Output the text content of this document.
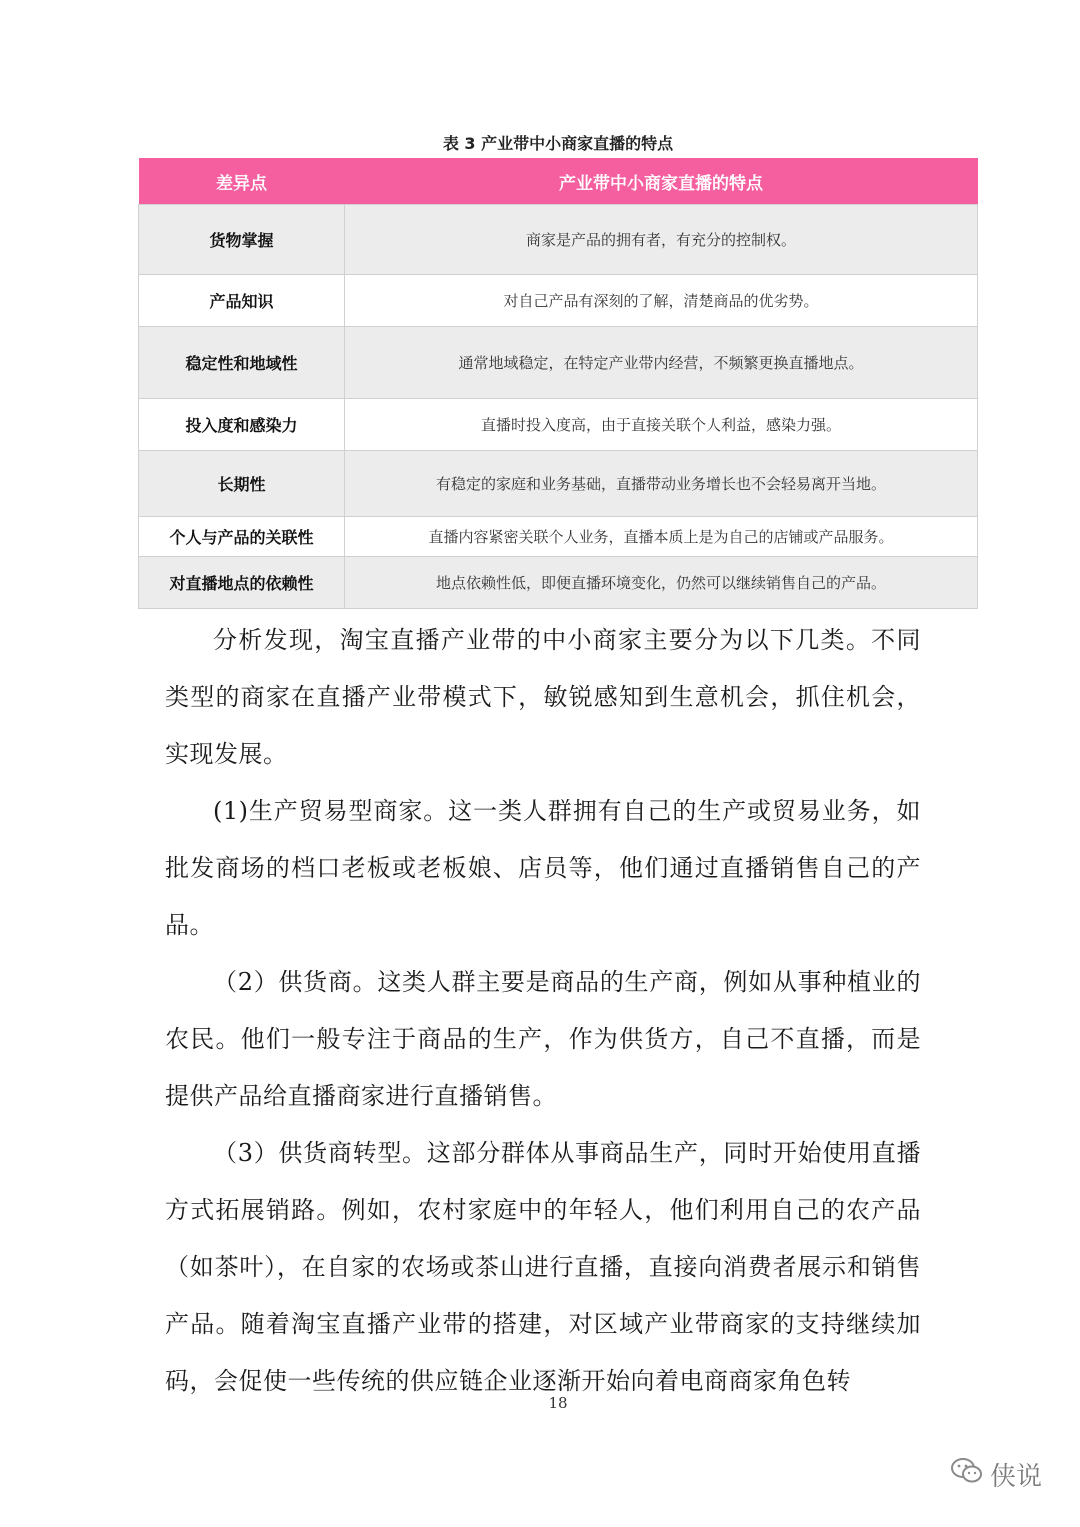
表 3 产业带中小商家直播的特点
差异点	产业带中小商家直播的特点
货物掌握	商家是产品的拥有者，有充分的控制权。
产品知识	对自己产品有深刻的了解，清楚商品的优劣势。
稳定性和地域性	通常地域稳定，在特定产业带内经营，不频繁更换直播地点。
投入度和感染力	直播时投入度高，由于直接关联个人利益，感染力强。
长期性	有稳定的家庭和业务基础，直播带动业务增长也不会轻易离开当地。
个人与产品的关联性	直播内容紧密关联个人业务，直播本质上是为自己的店铺或产品服务。
对直播地点的依赖性	地点依赖性低，即便直播环境变化，仍然可以继续销售自己的产品。

分析发现，淘宝直播产业带的中小商家主要分为以下几类。不同类型的商家在直播产业带模式下，敏锐感知到生意机会，抓住机会，实现发展。

(1)生产贸易型商家。这一类人群拥有自己的生产或贸易业务，如批发商场的档口老板或老板娘、店员等，他们通过直播销售自己的产品。

（2）供货商。这类人群主要是商品的生产商，例如从事种植业的农民。他们一般专注于商品的生产，作为供货方，自己不直播，而是提供产品给直播商家进行直播销售。

（3）供货商转型。这部分群体从事商品生产，同时开始使用直播方式拓展销路。例如，农村家庭中的年轻人，他们利用自己的农产品（如茶叶），在自家的农场或茶山进行直播，直接向消费者展示和销售产品。随着淘宝直播产业带的搭建，对区域产业带商家的支持继续加码，会促使一些传统的供应链企业逐渐开始向着电商商家角色转

18
侠说
